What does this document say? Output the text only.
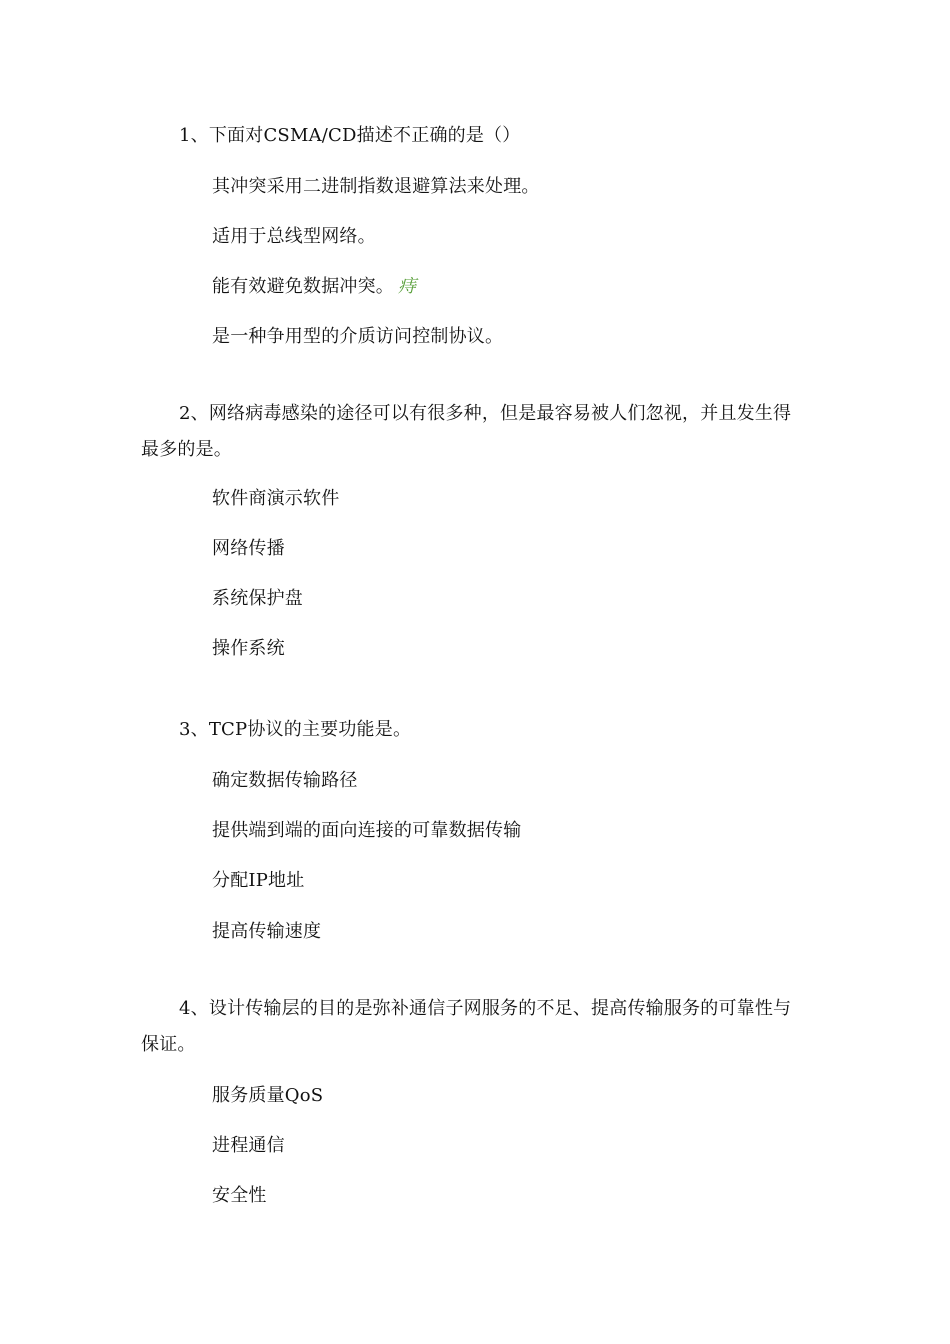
1、下面对CSMA/CD描述不正确的是（）
其冲突采用二进制指数退避算法来处理。
适用于总线型网络。
能有效避免数据冲突。 痔
是一种争用型的介质访问控制协议。
2、网络病毒感染的途径可以有很多种，但是最容易被人们忽视，并且发生得最多的是。
软件商演示软件
网络传播
系统保护盘
操作系统
3、TCP协议的主要功能是。
确定数据传输路径
提供端到端的面向连接的可靠数据传输
分配IP地址
提高传输速度
4、设计传输层的目的是弥补通信子网服务的不足、提高传输服务的可靠性与保证。
服务质量QoS
进程通信
安全性
